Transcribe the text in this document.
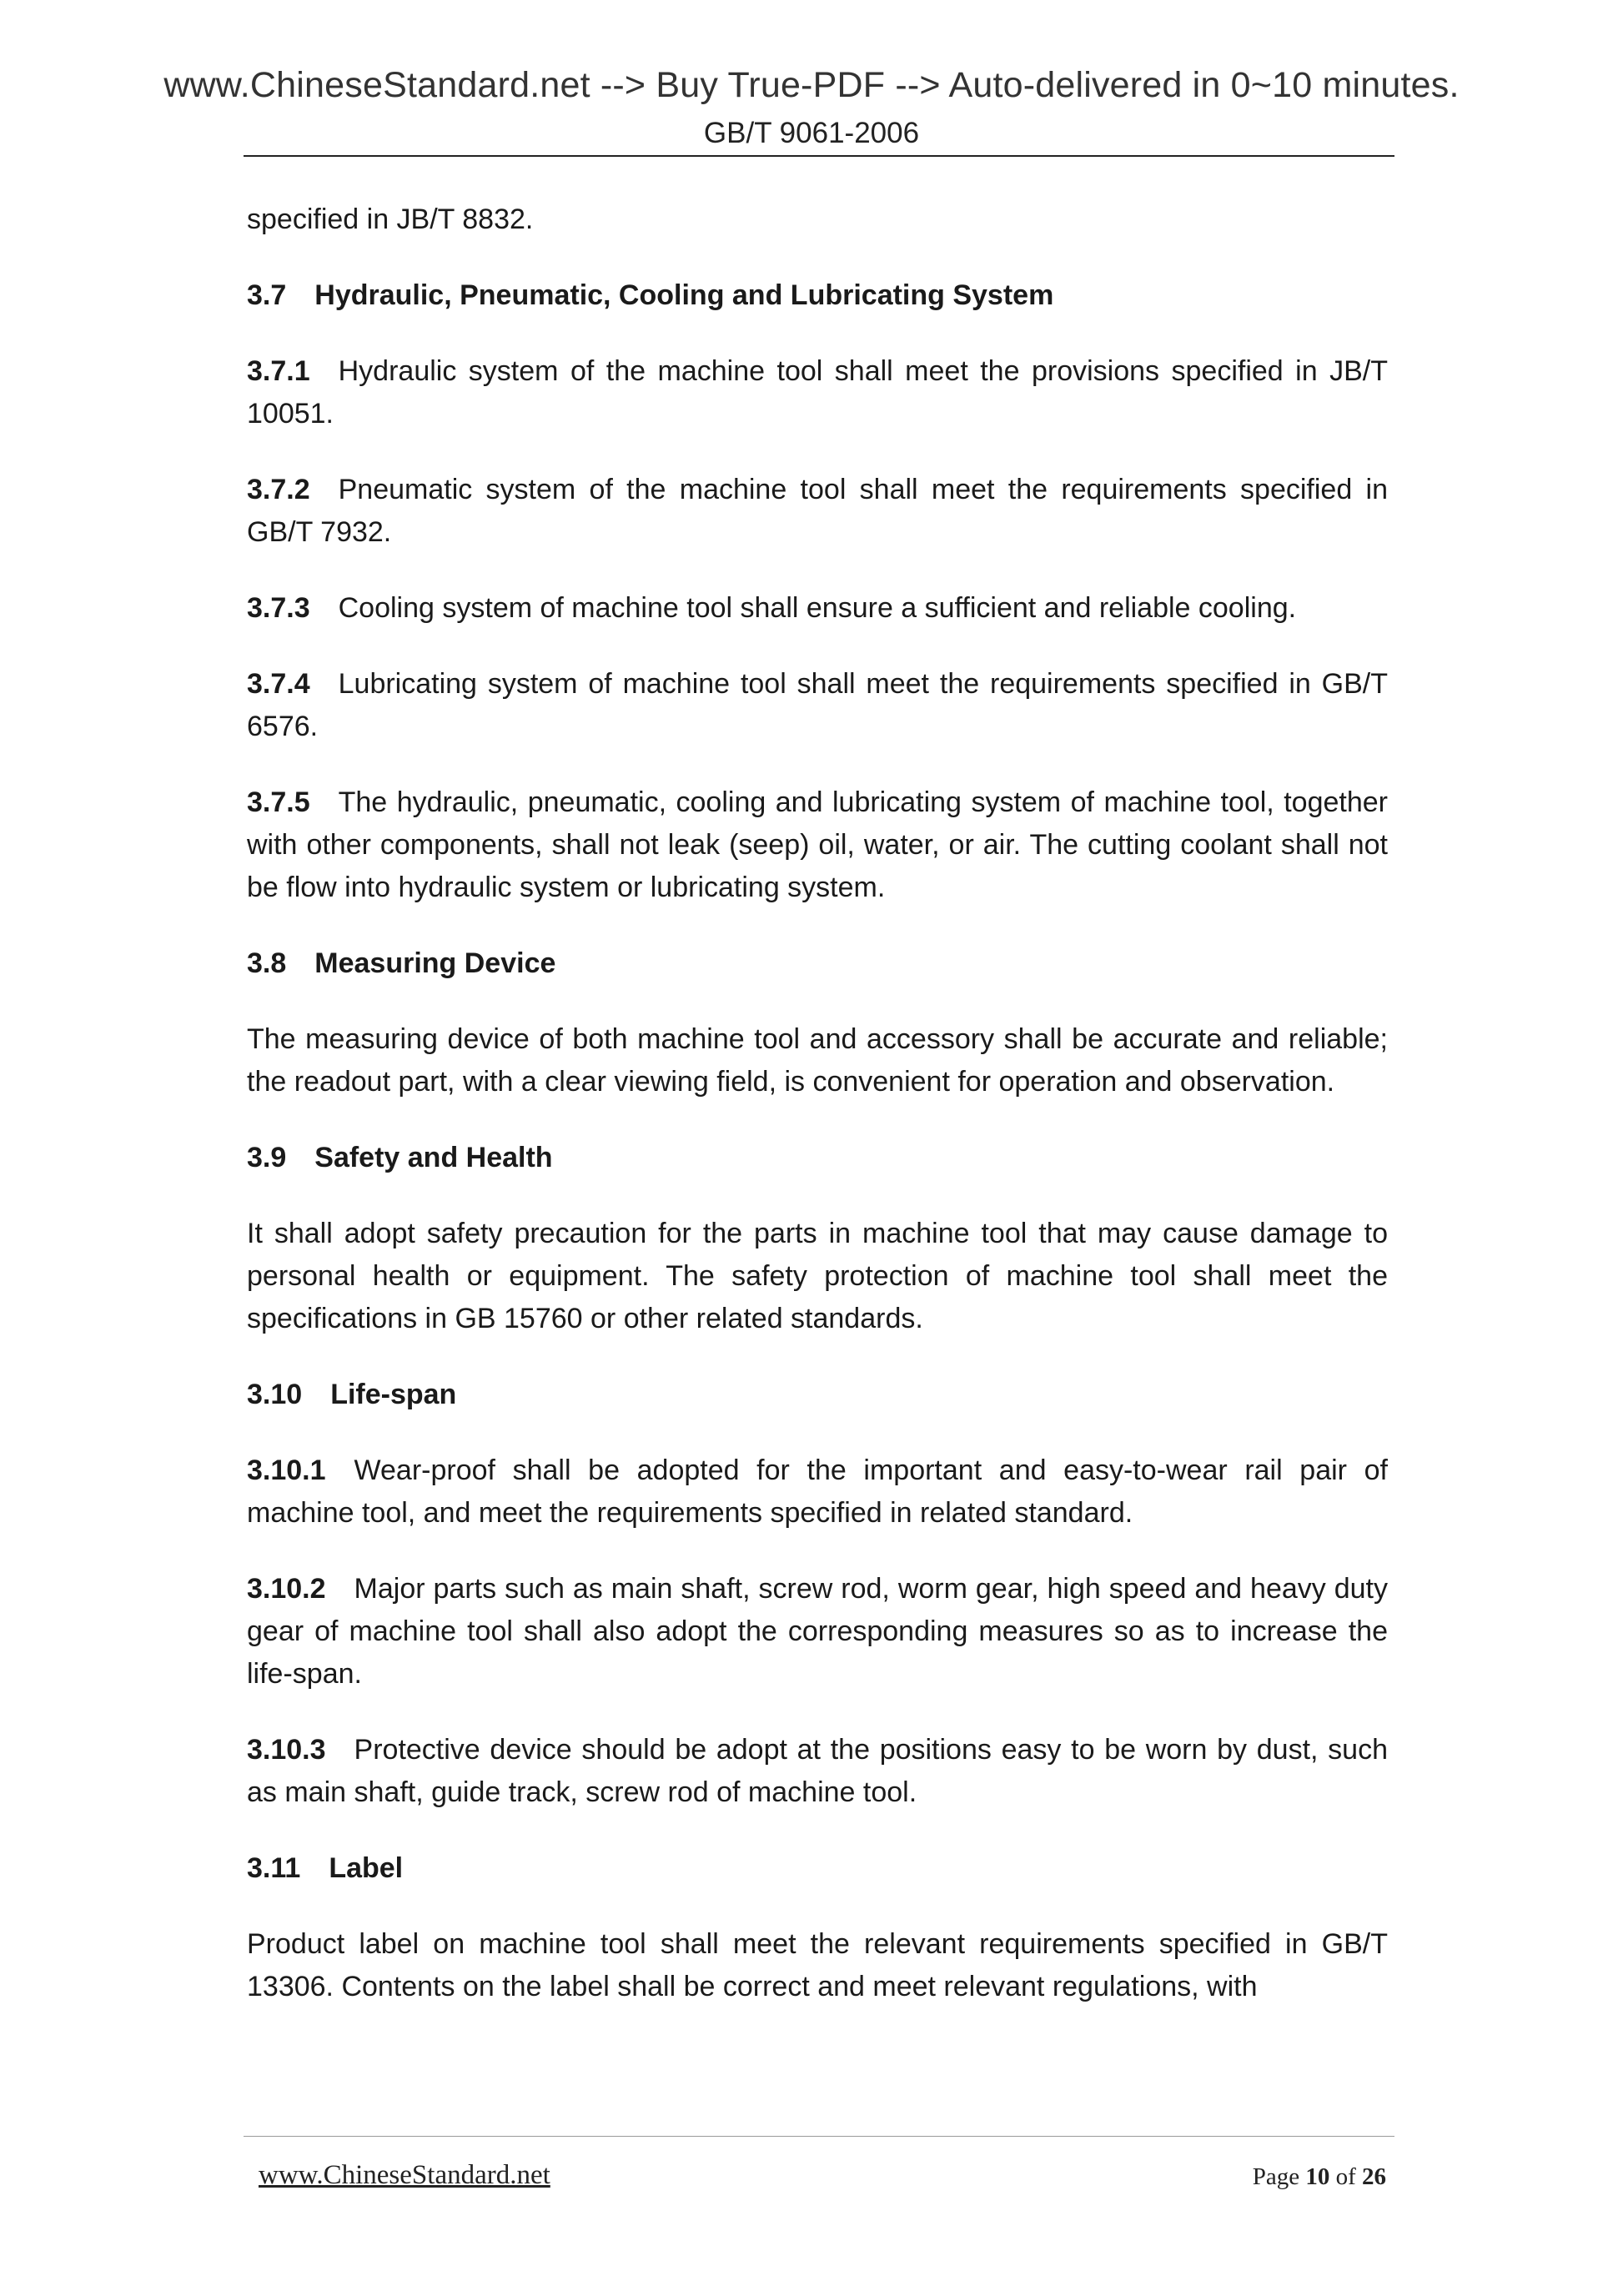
www.ChineseStandard.net --> Buy True-PDF --> Auto-delivered in 0~10 minutes.
GB/T 9061-2006

specified in JB/T 8832.

3.7 Hydraulic, Pneumatic, Cooling and Lubricating System

3.7.1 Hydraulic system of the machine tool shall meet the provisions specified in JB/T 10051.

3.7.2 Pneumatic system of the machine tool shall meet the requirements specified in GB/T 7932.

3.7.3 Cooling system of machine tool shall ensure a sufficient and reliable cooling.

3.7.4 Lubricating system of machine tool shall meet the requirements specified in GB/T 6576.

3.7.5 The hydraulic, pneumatic, cooling and lubricating system of machine tool, together with other components, shall not leak (seep) oil, water, or air. The cutting coolant shall not be flow into hydraulic system or lubricating system.

3.8 Measuring Device

The measuring device of both machine tool and accessory shall be accurate and reliable; the readout part, with a clear viewing field, is convenient for operation and observation.

3.9 Safety and Health

It shall adopt safety precaution for the parts in machine tool that may cause damage to personal health or equipment. The safety protection of machine tool shall meet the specifications in GB 15760 or other related standards.

3.10 Life-span

3.10.1 Wear-proof shall be adopted for the important and easy-to-wear rail pair of machine tool, and meet the requirements specified in related standard.

3.10.2 Major parts such as main shaft, screw rod, worm gear, high speed and heavy duty gear of machine tool shall also adopt the corresponding measures so as to increase the life-span.

3.10.3 Protective device should be adopt at the positions easy to be worn by dust, such as main shaft, guide track, screw rod of machine tool.

3.11 Label

Product label on machine tool shall meet the relevant requirements specified in GB/T 13306. Contents on the label shall be correct and meet relevant regulations, with

www.ChineseStandard.net	Page 10 of 26
